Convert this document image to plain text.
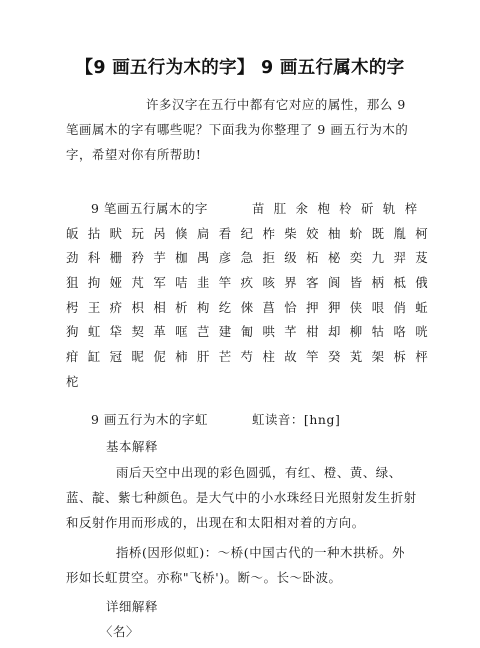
【9 画五行为木的字】 9 画五行属木的字
许多汉字在五行中都有它对应的属性，那么 9 笔画属木的字有哪些呢？下面我为你整理了 9 画五行为木的字，希望对你有所帮助!
9 笔画五行属木的字	苗 肛 氽 枹 柃 斫 轨 梓
皈 拈 畎 玩 呙 倏 扃 看 纪 柞 柴 姣 柚 蚧 既 胤 柯
劲 科 栅 矜 芋 枷 禺 彦 急 拒 级 柘 柲 奕 九 羿 芨
狙 拘 娅 芃 军 咭 韭 竿 疚 咳 界 客 阆 皆 柄 柢 俄
枵 王 疥 枳 相 析 枸 纥 倈 菖 恰 押 狎 侠 哏 俏 蚯
狗 虹 牮 契 革 哐 芑 建 匍 哄 芊 柑 却 柳 牯 咯 咣
疳 缸 冠 昵 伲 柿 肝 芒 芍 柱 故 竿 癸 芄 架 柝 枰
柁
9 画五行为木的字虹	虹读音：[hng]
基本解释
雨后天空中出现的彩色圆弧，有红、橙、黄、绿、蓝、靛、紫七种颜色。是大气中的小水珠经日光照射发生折射和反射作用而形成的，出现在和太阳相对着的方向。
指桥(因形似虹)：～桥(中国古代的一种木拱桥。外形如长虹贯空。亦称"飞桥')。断～。长～卧波。
详细解释
〈名〉
